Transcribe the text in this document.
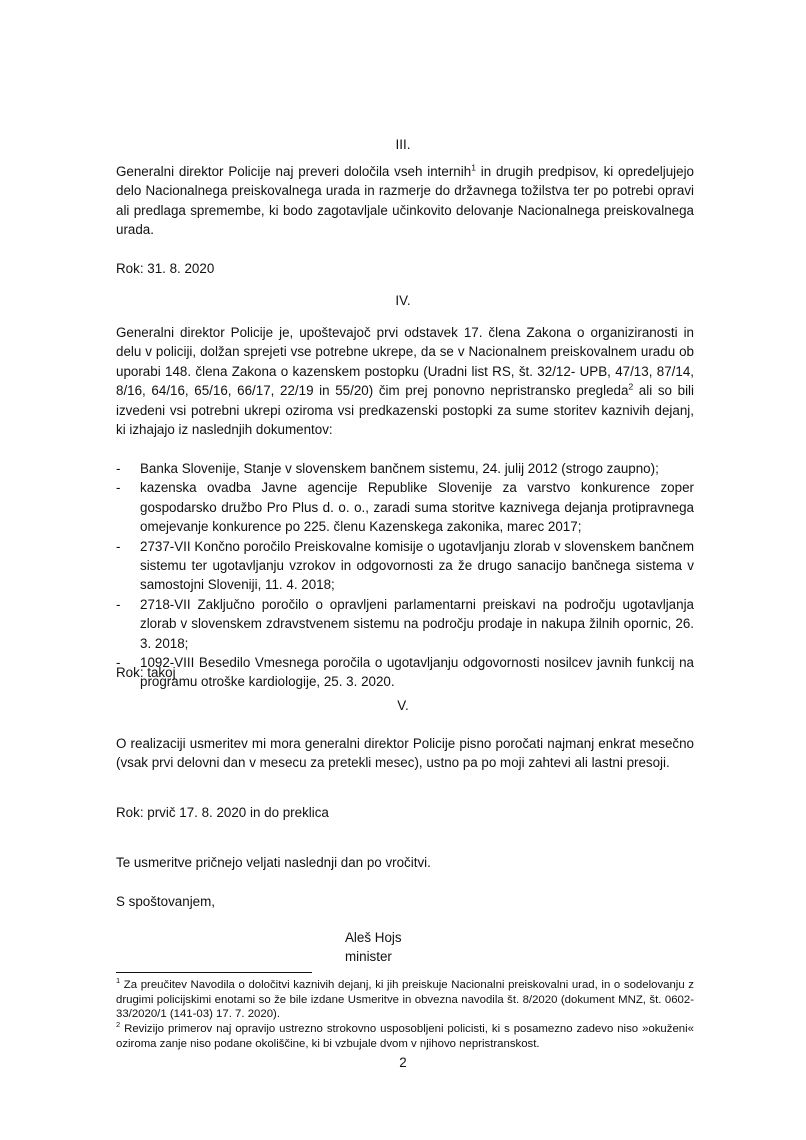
III.
Generalni direktor Policije naj preveri določila vseh internih$^1$ in drugih predpisov, ki opredeljujejo delo Nacionalnega preiskovalnega urada in razmerje do državnega tožilstva ter po potrebi opravi ali predlaga spremembe, ki bodo zagotavljale učinkovito delovanje Nacionalnega preiskovalnega urada.
Rok: 31. 8. 2020
IV.
Generalni direktor Policije je, upoštevajoč prvi odstavek 17. člena Zakona o organiziranosti in delu v policiji, dolžan sprejeti vse potrebne ukrepe, da se v Nacionalnem preiskovalnem uradu ob uporabi 148. člena Zakona o kazenskem postopku (Uradni list RS, št. 32/12- UPB, 47/13, 87/14, 8/16, 64/16, 65/16, 66/17, 22/19 in 55/20) čim prej ponovno nepristransko pregleda$^2$ ali so bili izvedeni vsi potrebni ukrepi oziroma vsi predkazenski postopki za sume storitev kaznivih dejanj, ki izhajajo iz naslednjih dokumentov:
- Banka Slovenije, Stanje v slovenskem bančnem sistemu, 24. julij 2012 (strogo zaupno);
- kazenska ovadba Javne agencije Republike Slovenije za varstvo konkurence zoper gospodarsko družbo Pro Plus d. o. o., zaradi suma storitve kaznivega dejanja protipravnega omejevanje konkurence po 225. členu Kazenskega zakonika, marec 2017;
- 2737-VII Končno poročilo Preiskovalne komisije o ugotavljanju zlorab v slovenskem bančnem sistemu ter ugotavljanju vzrokov in odgovornosti za že drugo sanacijo bančnega sistema v samostojni Sloveniji, 11. 4. 2018;
- 2718-VII Zaključno poročilo o opravljeni parlamentarni preiskavi na področju ugotavljanja zlorab v slovenskem zdravstvenem sistemu na področju prodaje in nakupa žilnih opornic, 26. 3. 2018;
- 1092-VIII Besedilo Vmesnega poročila o ugotavljanju odgovornosti nosilcev javnih funkcij na programu otroške kardiologije, 25. 3. 2020.
Rok: takoj
V.
O realizaciji usmeritev mi mora generalni direktor Policije pisno poročati najmanj enkrat mesečno (vsak prvi delovni dan v mesecu za pretekli mesec), ustno pa po moji zahtevi ali lastni presoji.
Rok: prvič 17. 8. 2020 in do preklica
Te usmeritve pričnejo veljati naslednji dan po vročitvi.
S spoštovanjem,
Aleš Hojs
minister
$^1$ Za preučitev Navodila o določitvi kaznivih dejanj, ki jih preiskuje Nacionalni preiskovalni urad, in o sodelovanju z drugimi policijskimi enotami so že bile izdane Usmeritve in obvezna navodila št. 8/2020 (dokument MNZ, št. 0602-33/2020/1 (141-03) 17. 7. 2020).
$^2$ Revizijo primerov naj opravijo ustrezno strokovno usposobljeni policisti, ki s posamezno zadevo niso »okuženi« oziroma zanje niso podane okoliščine, ki bi vzbujale dvom v njihovo nepristranskost.
2
